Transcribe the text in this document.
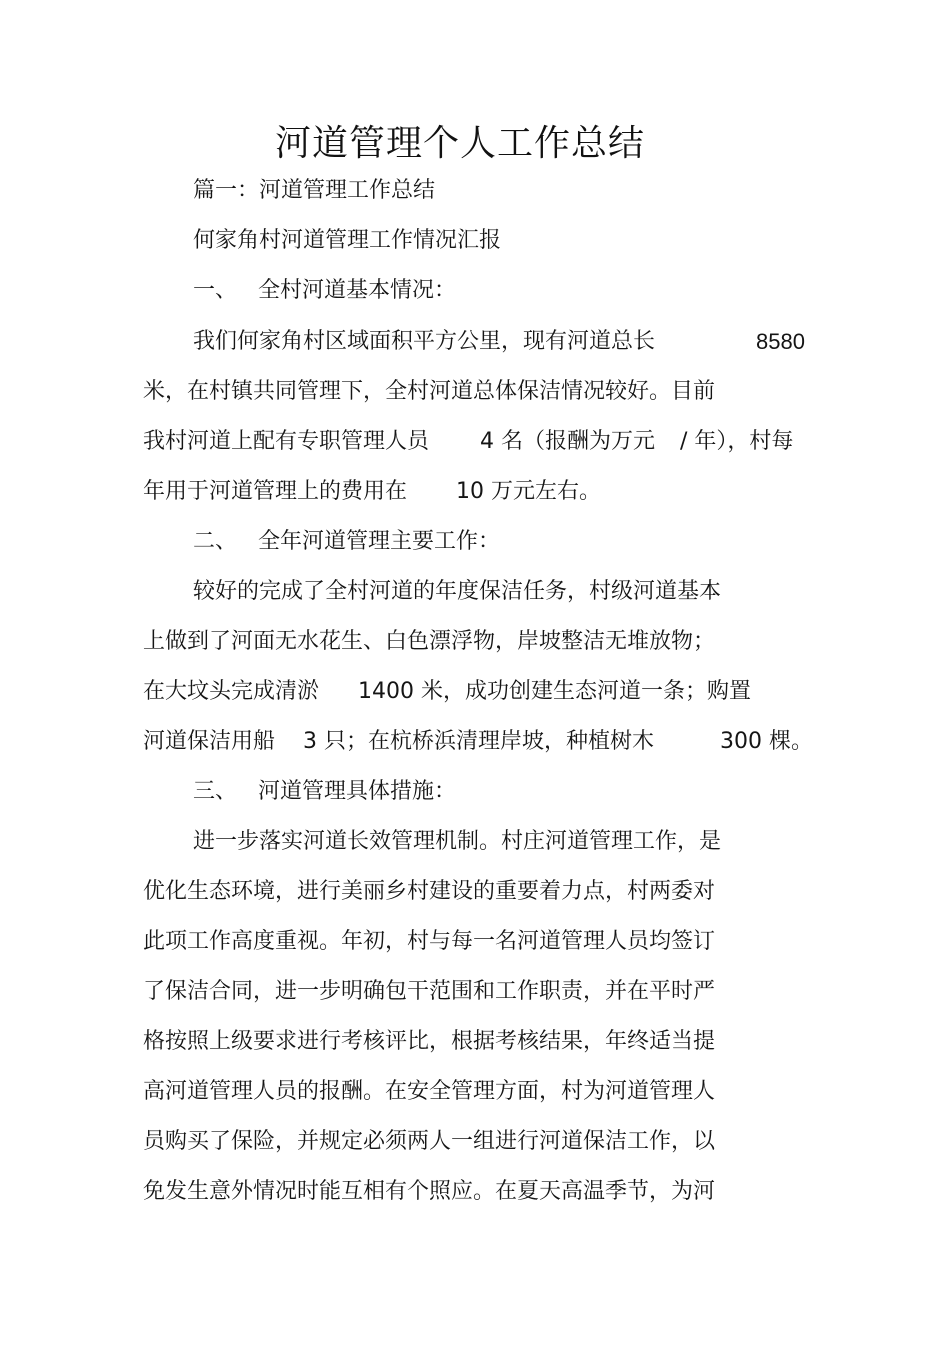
河道管理个人工作总结
篇一：河道管理工作总结
何家角村河道管理工作情况汇报
一、 全村河道基本情况：
我们何家角村区域面积平方公里，现有河道总长	8580
米，在村镇共同管理下，全村河道总体保洁情况较好。目前
我村河道上配有专职管理人员 4 名（报酬为万元 / 年），村每
年用于河道管理上的费用在 10 万元左右。
二、 全年河道管理主要工作：
较好的完成了全村河道的年度保洁任务，村级河道基本
上做到了河面无水花生、白色漂浮物，岸坡整洁无堆放物；
在大坟头完成清淤 1400 米，成功创建生态河道一条；购置
河道保洁用船 3 只；在杭桥浜清理岸坡，种植树木	300 棵。
三、 河道管理具体措施：
进一步落实河道长效管理机制。村庄河道管理工作，是
优化生态环境，进行美丽乡村建设的重要着力点，村两委对
此项工作高度重视。年初，村与每一名河道管理人员均签订
了保洁合同，进一步明确包干范围和工作职责，并在平时严
格按照上级要求进行考核评比，根据考核结果，年终适当提
高河道管理人员的报酬。在安全管理方面，村为河道管理人
员购买了保险，并规定必须两人一组进行河道保洁工作，以
免发生意外情况时能互相有个照应。在夏天高温季节，为河
